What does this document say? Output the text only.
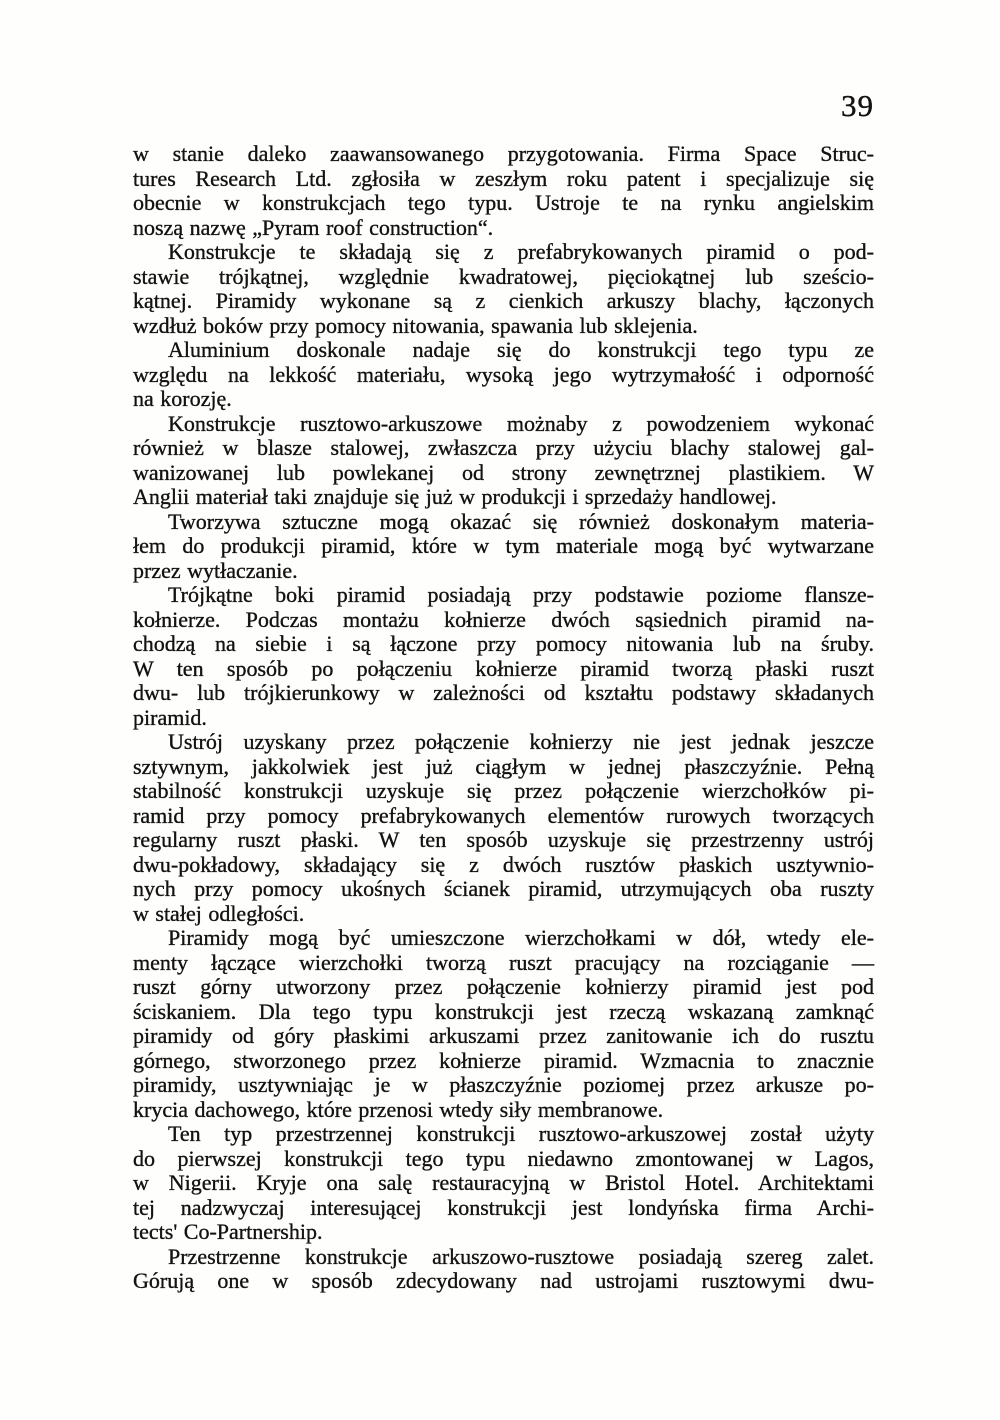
39

w stanie daleko zaawansowanego przygotowania. Firma Space Struc-
tures Research Ltd. zgłosiła w zeszłym roku patent i specjalizuje się
obecnie w konstrukcjach tego typu. Ustroje te na rynku angielskim
noszą nazwę „Pyram roof construction“.

Konstrukcje te składają się z prefabrykowanych piramid o pod-
stawie trójkątnej, względnie kwadratowej, pięciokątnej lub sześcio-
kątnej. Piramidy wykonane są z cienkich arkuszy blachy, łączonych
wzdłuż boków przy pomocy nitowania, spawania lub sklejenia.

Aluminium doskonale nadaje się do konstrukcji tego typu ze
względu na lekkość materiału, wysoką jego wytrzymałość i odporność
na korozję.

Konstrukcje rusztowo-arkuszowe możnaby z powodzeniem wykonać
również w blasze stalowej, zwłaszcza przy użyciu blachy stalowej gal-
wanizowanej lub powlekanej od strony zewnętrznej plastikiem. W
Anglii materiał taki znajduje się już w produkcji i sprzedaży handlowej.

Tworzywa sztuczne mogą okazać się również doskonałym materia-
łem do produkcji piramid, które w tym materiale mogą być wytwarzane
przez wytłaczanie.

Trójkątne boki piramid posiadają przy podstawie poziome flansze-
kołnierze. Podczas montażu kołnierze dwóch sąsiednich piramid na-
chodzą na siebie i są łączone przy pomocy nitowania lub na śruby.
W ten sposób po połączeniu kołnierze piramid tworzą płaski ruszt
dwu- lub trójkierunkowy w zależności od kształtu podstawy składanych
piramid.

Ustrój uzyskany przez połączenie kołnierzy nie jest jednak jeszcze
sztywnym, jakkolwiek jest już ciągłym w jednej płaszczyźnie. Pełną
stabilność konstrukcji uzyskuje się przez połączenie wierzchołków pi-
ramid przy pomocy prefabrykowanych elementów rurowych tworzących
regularny ruszt płaski. W ten sposób uzyskuje się przestrzenny ustrój
dwu-pokładowy, składający się z dwóch rusztów płaskich usztywnio-
nych przy pomocy ukośnych ścianek piramid, utrzymujących oba ruszty
w stałej odległości.

Piramidy mogą być umieszczone wierzchołkami w dół, wtedy ele-
menty łączące wierzchołki tworzą ruszt pracujący na rozciąganie —
ruszt górny utworzony przez połączenie kołnierzy piramid jest pod
ściskaniem. Dla tego typu konstrukcji jest rzeczą wskazaną zamknąć
piramidy od góry płaskimi arkuszami przez zanitowanie ich do rusztu
górnego, stworzonego przez kołnierze piramid. Wzmacnia to znacznie
piramidy, usztywniając je w płaszczyźnie poziomej przez arkusze po-
krycia dachowego, które przenosi wtedy siły membranowe.

Ten typ przestrzennej konstrukcji rusztowo-arkuszowej został użyty
do pierwszej konstrukcji tego typu niedawno zmontowanej w Lagos,
w Nigerii. Kryje ona salę restauracyjną w Bristol Hotel. Architektami
tej nadzwyczaj interesującej konstrukcji jest londyńska firma Archi-
tects' Co-Partnership.

Przestrzenne konstrukcje arkuszowo-rusztowe posiadają szereg zalet.
Górują one w sposób zdecydowany nad ustrojami rusztowymi dwu-
